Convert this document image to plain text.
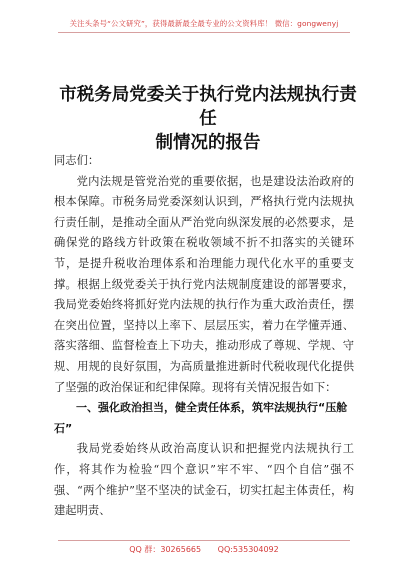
关注头条号“公文研究”，获得最新最全最专业的公文资料库！ 微信：gongwenyj
市税务局党委关于执行党内法规执行责任
制情况的报告

同志们：

党内法规是管党治党的重要依据，也是建设法治政府的根本保障。市税务局党委深刻认识到，严格执行党内法规执行责任制，是推动全面从严治党向纵深发展的必然要求，是确保党的路线方针政策在税收领域不折不扣落实的关键环节，是提升税收治理体系和治理能力现代化水平的重要支撑。根据上级党委关于执行党内法规制度建设的部署要求，我局党委始终将抓好党内法规的执行作为重大政治责任，摆在突出位置，坚持以上率下、层层压实，着力在学懂弄通、落实落细、监督检查上下功夫，推动形成了尊规、学规、守规、用规的良好氛围，为高质量推进新时代税收现代化提供了坚强的政治保证和纪律保障。现将有关情况报告如下：

一、强化政治担当，健全责任体系，筑牢法规执行“压舱石”

我局党委始终从政治高度认识和把握党内法规执行工作，将其作为检验“四个意识”牢不牢、“四个自信”强不强、“两个维护”坚不坚决的试金石，切实扛起主体责任，构建起明责、

QQ 群：30265665 QQ:535304092
